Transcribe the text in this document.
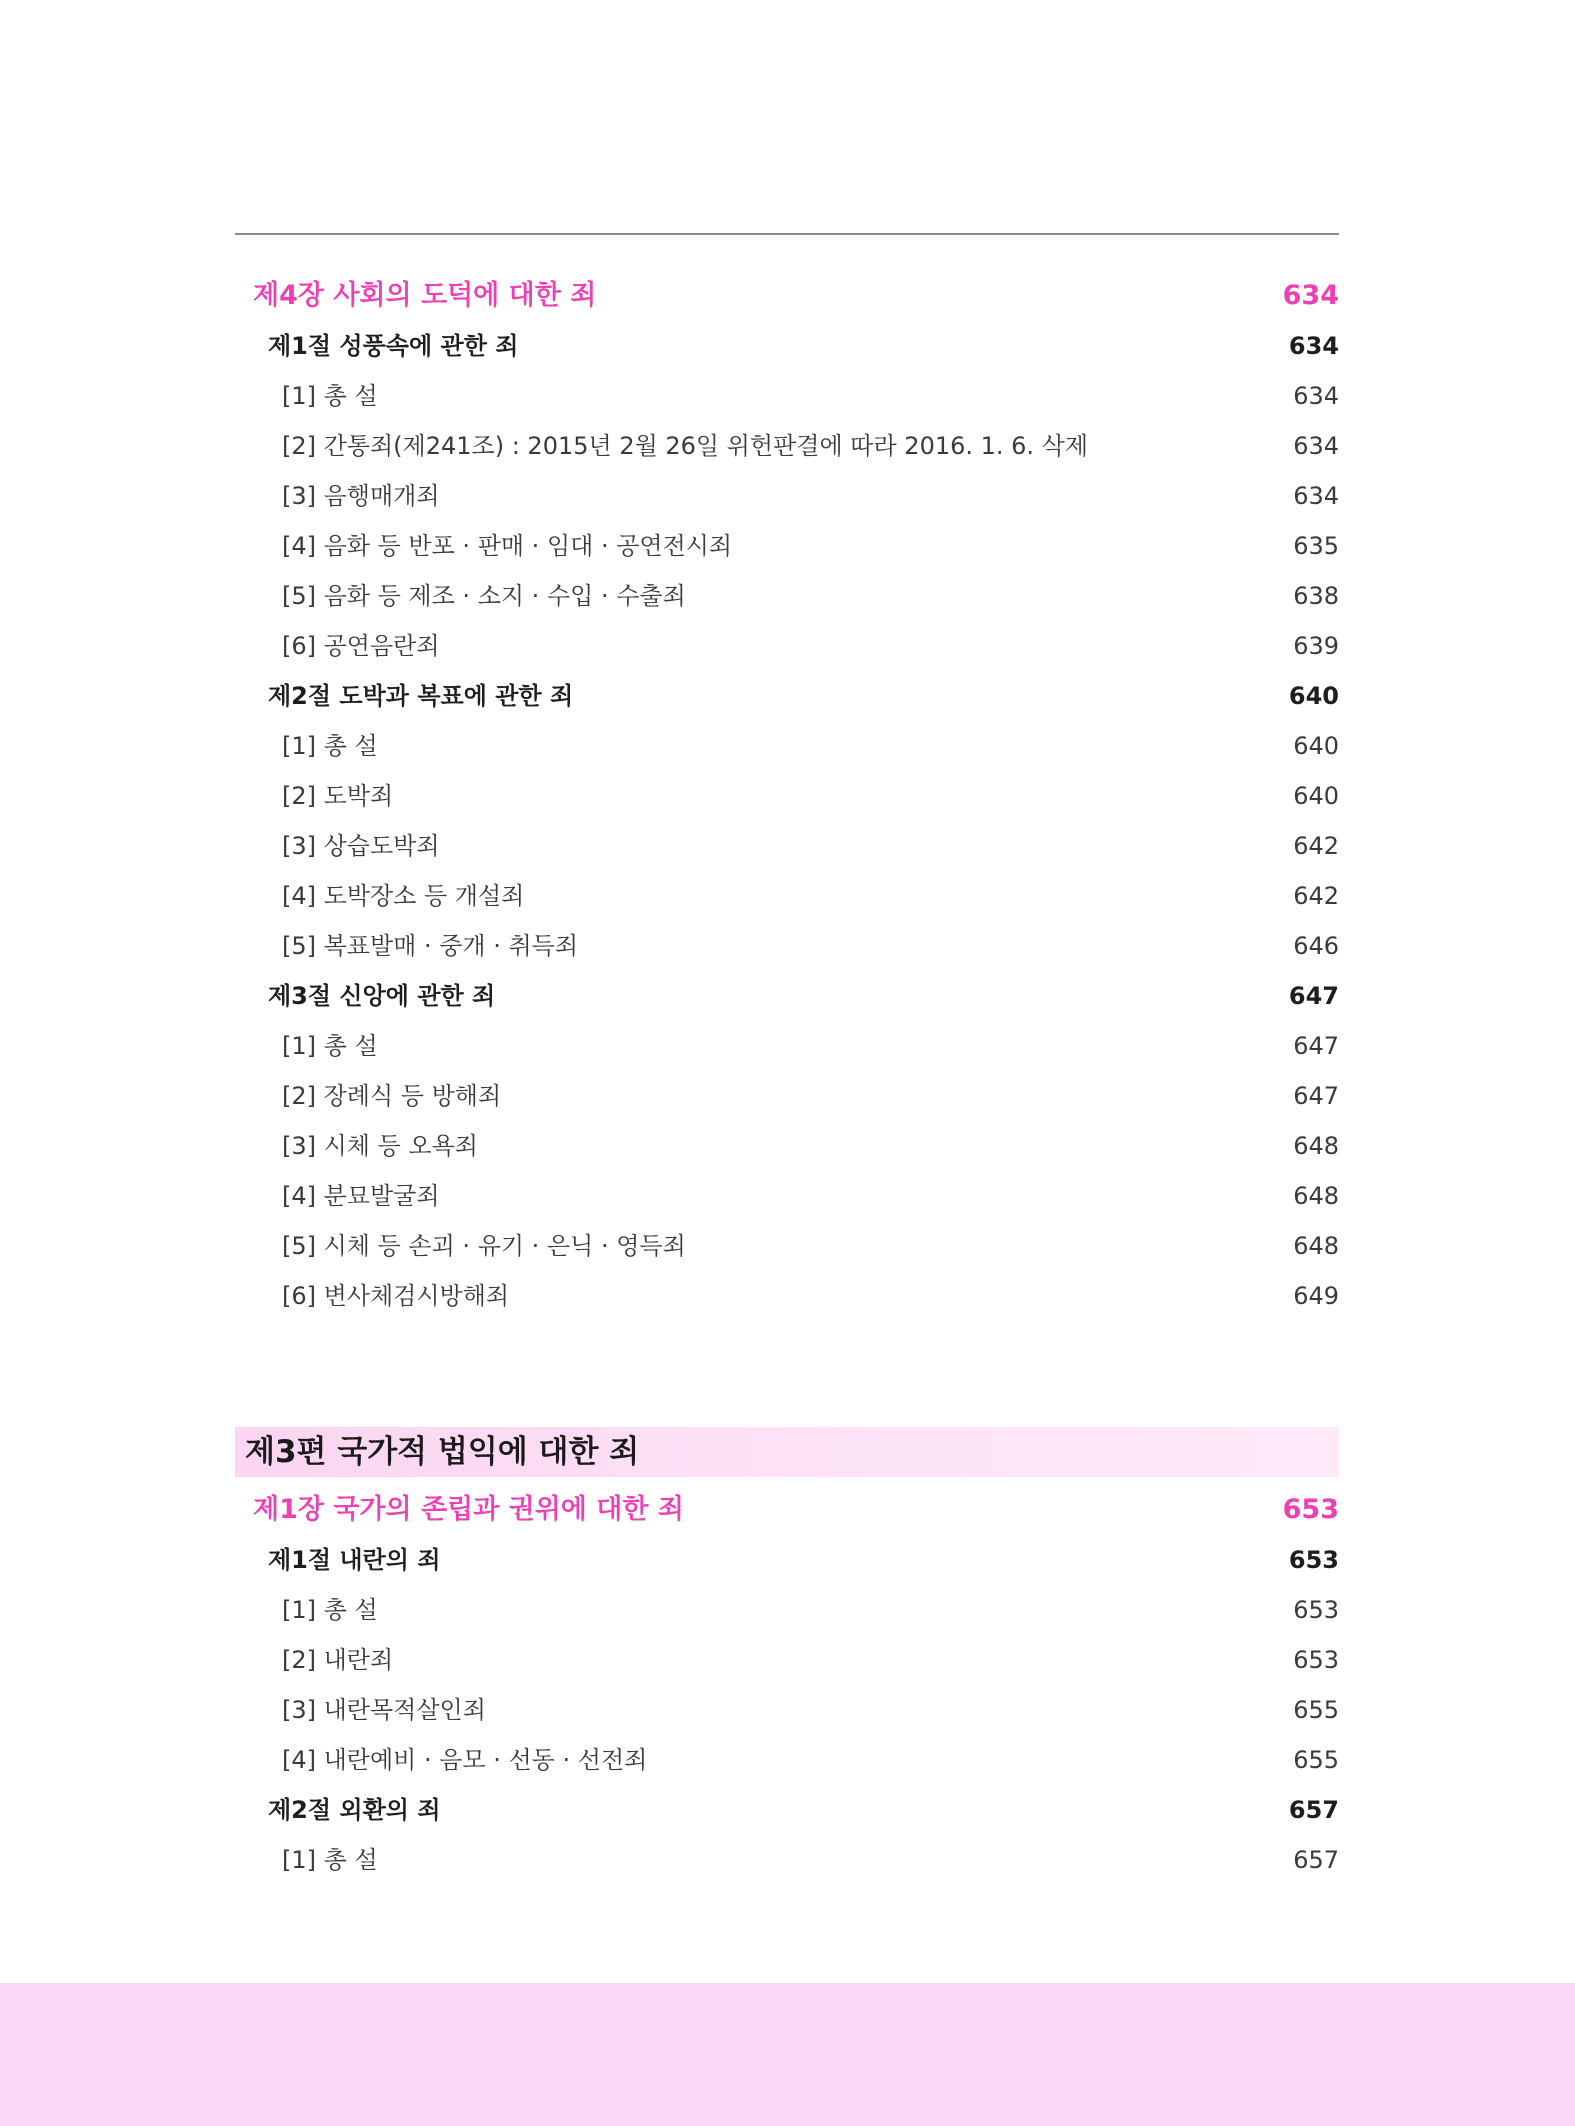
제4장 사회의 도덕에 대한 죄	634
제1절 성풍속에 관한 죄	634
[1] 총 설	634
[2] 간통죄(제241조) : 2015년 2월 26일 위헌판결에 따라 2016. 1. 6. 삭제	634
[3] 음행매개죄	634
[4] 음화 등 반포 · 판매 · 임대 · 공연전시죄	635
[5] 음화 등 제조 · 소지 · 수입 · 수출죄	638
[6] 공연음란죄	639
제2절 도박과 복표에 관한 죄	640
[1] 총 설	640
[2] 도박죄	640
[3] 상습도박죄	642
[4] 도박장소 등 개설죄	642
[5] 복표발매 · 중개 · 취득죄	646
제3절 신앙에 관한 죄	647
[1] 총 설	647
[2] 장례식 등 방해죄	647
[3] 시체 등 오욕죄	648
[4] 분묘발굴죄	648
[5] 시체 등 손괴 · 유기 · 은닉 · 영득죄	648
[6] 변사체검시방해죄	649
제3편 국가적 법익에 대한 죄
제1장 국가의 존립과 권위에 대한 죄	653
제1절 내란의 죄	653
[1] 총 설	653
[2] 내란죄	653
[3] 내란목적살인죄	655
[4] 내란예비 · 음모 · 선동 · 선전죄	655
제2절 외환의 죄	657
[1] 총 설	657
